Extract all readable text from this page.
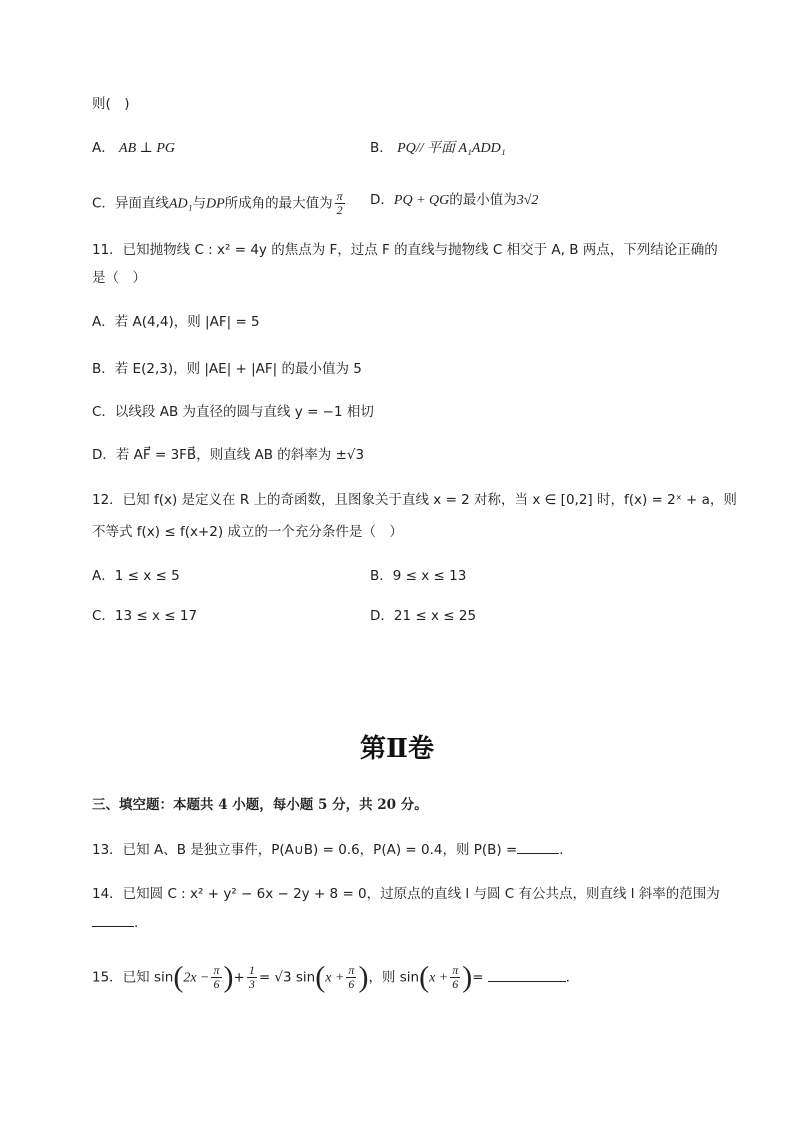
则(　)
A． AB ⊥ PG	B． PQ// 平面 A₁ADD₁
C．异面直线AD₁与DP所成角的最大值为 $\frac{\pi}{2}$ D．PQ + QG的最小值为3√2
11．已知抛物线 C : x² = 4y 的焦点为 F，过点 F 的直线与抛物线 C 相交于 A, B 两点，下列结论正确的
是（　）
A．若 A(4,4)，则 |AF| = 5
B．若 E(2,3)，则 |AE| + |AF| 的最小值为 5
C．以线段 AB 为直径的圆与直线 y = −1 相切
D．若 AF⃗ = 3FB⃗，则直线 AB 的斜率为 ±√3
12．已知 f(x) 是定义在 R 上的奇函数，且图象关于直线 x = 2 对称，当 x ∈ [0,2] 时，f(x) = 2ˣ + a，则
不等式 f(x) ≤ f(x+2) 成立的一个充分条件是（　）
A．1 ≤ x ≤ 5	B．9 ≤ x ≤ 13
C．13 ≤ x ≤ 17	D．21 ≤ x ≤ 25
第Ⅱ卷
三、填空题：本题共 4 小题，每小题 5 分，共 20 分。
13．已知 A、B 是独立事件，P(A∪B) = 0.6，P(A) = 0.4，则 P(B) =	.
14．已知圆 C : x² + y² − 6x − 2y + 8 = 0，过原点的直线 l 与圆 C 有公共点，则直线 l 斜率的范围为
.
15．已知 $\sin(2x - \frac{\pi}{6}$ )+ $\frac{1}{3} = √3$ $\sin(x + \frac{\pi}{6}$ )，则 $\sin(x + \frac{\pi}{6}$ )=	.
